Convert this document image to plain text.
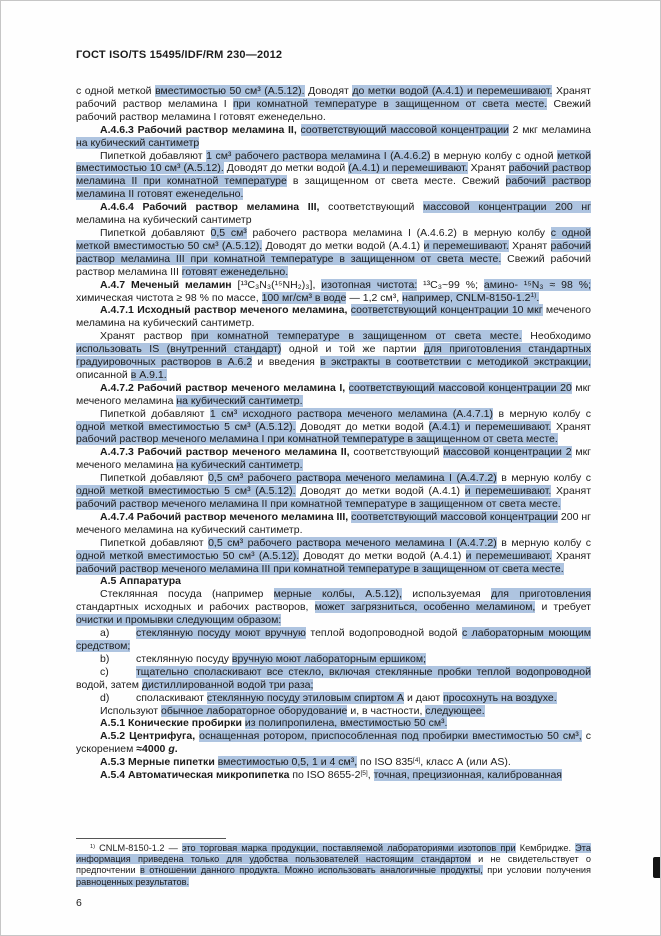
ГОСТ ISO/TS 15495/IDF/RM 230—2012

с одной меткой вместимостью 50 см³ (А.5.12). Доводят до метки водой (А.4.1) и перемешивают. Хранят рабочий раствор меламина I при комнатной температуре в защищенном от света месте. Свежий рабочий раствор меламина I готовят еженедельно.

А.4.6.3 Рабочий раствор меламина II, соответствующий массовой концентрации 2 мкг меламина на кубический сантиметр

Пипеткой добавляют 1 см³ рабочего раствора меламина I (А.4.6.2) в мерную колбу с одной меткой вместимостью 10 см³ (А.5.12). Доводят до метки водой (А.4.1) и перемешивают. Хранят рабочий раствор меламина II при комнатной температуре в защищенном от света месте. Свежий рабочий раствор меламина II готовят еженедельно.

А.4.6.4 Рабочий раствор меламина III, соответствующий массовой концентрации 200 нг меламина на кубический сантиметр

Пипеткой добавляют 0,5 см³ рабочего раствора меламина I (А.4.6.2) в мерную колбу с одной меткой вместимостью 50 см³ (А.5.12). Доводят до метки водой (А.4.1) и перемешивают. Хранят рабочий раствор меламина III при комнатной температуре в защищенном от света месте. Свежий рабочий раствор меламина III готовят еженедельно.

А.4.7 Меченый меламин [¹³C₃N₃(¹⁵NH₂)₃], изотопная чистота: ¹³C₃~99 %; амино- ¹⁵N₃ ≈ 98 %; химическая чистота ≥ 98 % по массе, 100 мг/см³ в воде — 1,2 см³, например, CNLM-8150-1.2$^{1)}$.

А.4.7.1 Исходный раствор меченого меламина, соответствующий концентрации 10 мкг меченого меламина на кубический сантиметр.

Хранят раствор при комнатной температуре в защищенном от света месте. Необходимо использовать IS (внутренний стандарт) одной и той же партии для приготовления стандартных градуировочных растворов в А.6.2 и введения в экстракты в соответствии с методикой экстракции, описанной в А.9.1.

А.4.7.2 Рабочий раствор меченого меламина I, соответствующий массовой концентрации 20 мкг меченого меламина на кубический сантиметр.

Пипеткой добавляют 1 см³ исходного раствора меченого меламина (А.4.7.1) в мерную колбу с одной меткой вместимостью 5 см³ (А.5.12). Доводят до метки водой (А.4.1) и перемешивают. Хранят рабочий раствор меченого меламина I при комнатной температуре в защищенном от света месте.

А.4.7.3 Рабочий раствор меченого меламина II, соответствующий массовой концентрации 2 мкг меченого меламина на кубический сантиметр.

Пипеткой добавляют 0,5 см³ рабочего раствора меченого меламина I (А.4.7.2) в мерную колбу с одной меткой вместимостью 5 см³ (А.5.12). Доводят до метки водой (А.4.1) и перемешивают. Хранят рабочий раствор меченого меламина II при комнатной температуре в защищенном от света месте.

А.4.7.4 Рабочий раствор меченого меламина III, соответствующий массовой концентрации 200 нг меченого меламина на кубический сантиметр.

Пипеткой добавляют 0,5 см³ рабочего раствора меченого меламина I (А.4.7.2) в мерную колбу с одной меткой вместимостью 50 см³ (А.5.12). Доводят до метки водой (А.4.1) и перемешивают. Хранят рабочий раствор меченого меламина III при комнатной температуре в защищенном от света месте.

А.5 Аппаратура

Стеклянная посуда (например мерные колбы, А.5.12), используемая для приготовления стандартных исходных и рабочих растворов, может загрязниться, особенно меламином, и требует очистки и промывки следующим образом:

a)	стеклянную посуду моют вручную теплой водопроводной водой с лабораторным моющим средством;

b)	стеклянную посуду вручную моют лабораторным ершиком;

c)	тщательно споласкивают все стекло, включая стеклянные пробки теплой водопроводной водой, затем дистиллированной водой три раза;

d)	споласкивают стеклянную посуду этиловым спиртом А и дают просохнуть на воздухе.

Используют обычное лабораторное оборудование и, в частности, следующее.

А.5.1 Конические пробирки из полипропилена, вместимостью 50 см³.

А.5.2 Центрифуга, оснащенная ротором, приспособленная под пробирки вместимостью 50 см³, с ускорением ≈4000 g.

А.5.3 Мерные пипетки вместимостью 0,5, 1 и 4 см³, по ISO 835[4], класс А (или AS).

А.5.4 Автоматическая микропипетка по ISO 8655-2[5], точная, прецизионная, калиброванная

$^{1)}$ CNLM-8150-1.2 — это торговая марка продукции, поставляемой лабораториями изотопов при Кембридже. Эта информация приведена только для удобства пользователей настоящим стандартом и не свидетельствует о предпочтении в отношении данного продукта. Можно использовать аналогичные продукты, при условии получения равноценных результатов.
6
